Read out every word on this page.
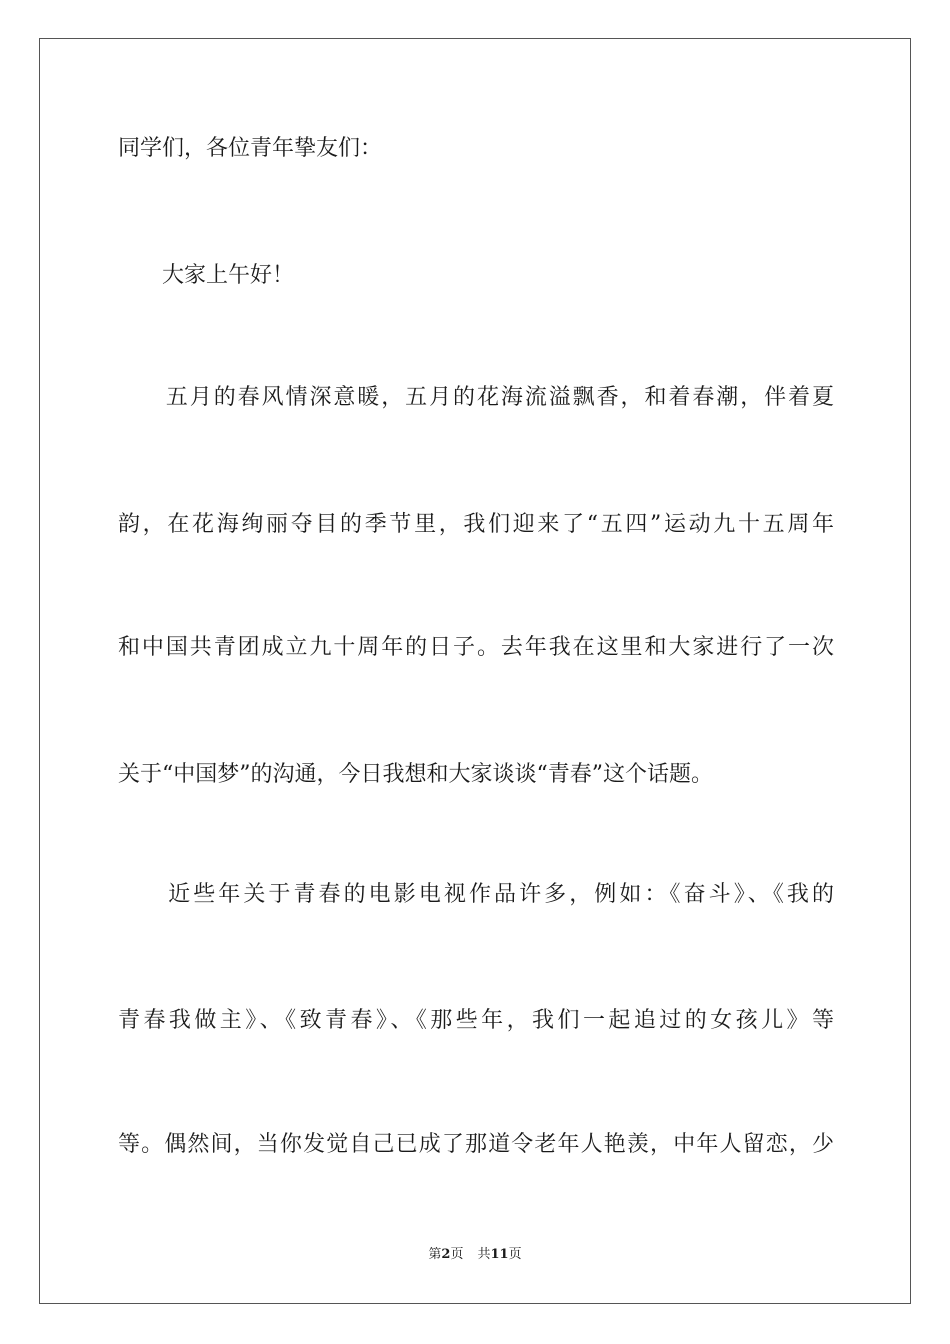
同学们，各位青年挚友们：
　　大家上午好！
　　五月的春风情深意暖，五月的花海流溢飘香，和着春潮，伴着夏
韵，在花海绚丽夺目的季节里，我们迎来了“五四”运动九十五周年
和中国共青团成立九十周年的日子。去年我在这里和大家进行了一次
关于“中国梦”的沟通，今日我想和大家谈谈“青春”这个话题。
　　近些年关于青春的电影电视作品许多，例如：《奋斗》、《我的
青春我做主》、《致青春》、《那些年，我们一起追过的女孩儿》等
等。偶然间，当你发觉自己已成了那道令老年人艳羡，中年人留恋，少
第2页 共11页
